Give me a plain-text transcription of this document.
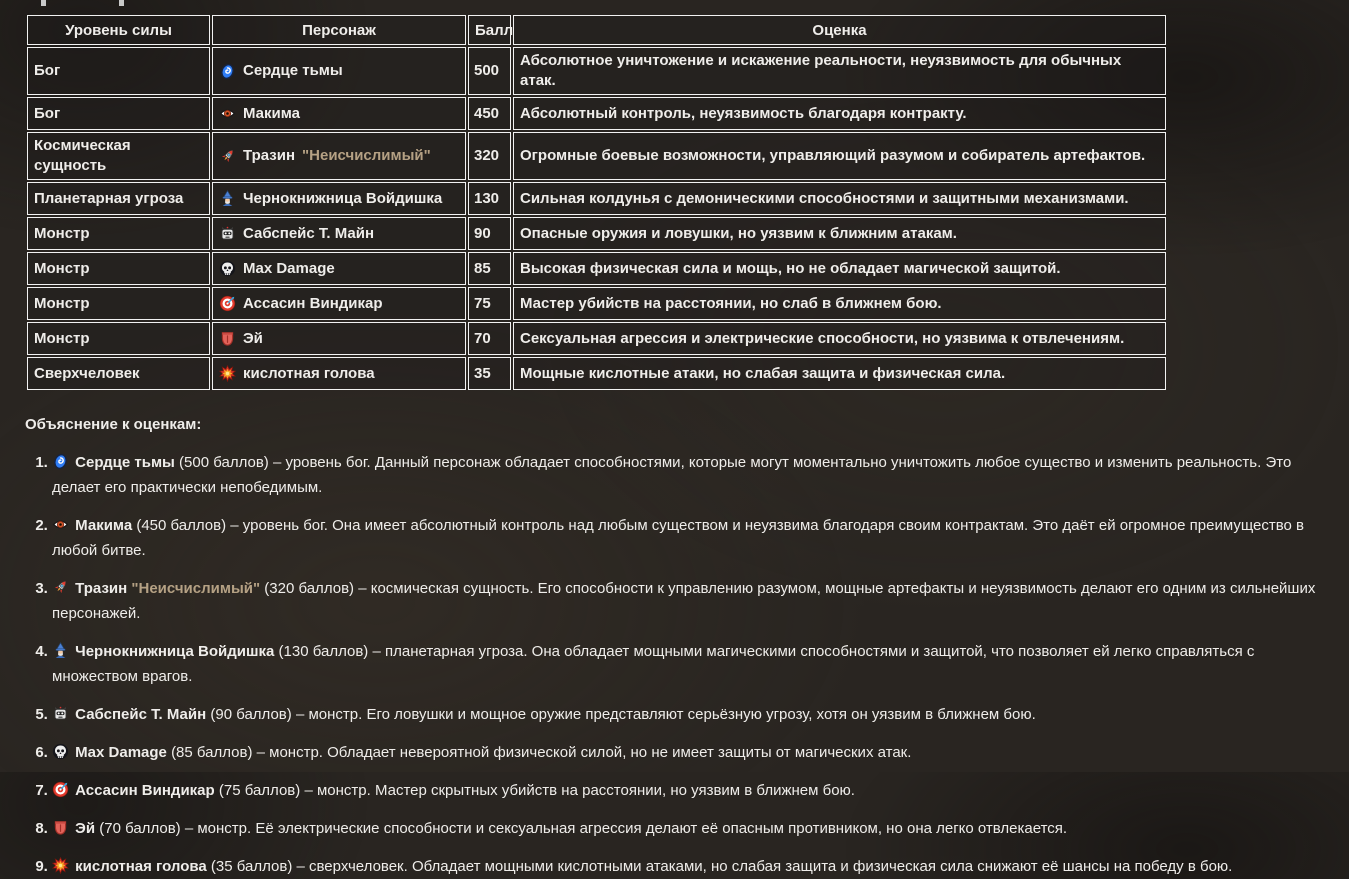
Уровень силы	Персонаж	Балл	Оценка
Бог	Сердце тьмы	500	Абсолютное уничтожение и искажение реальности, неуязвимость для обычных атак.
Бог	Макима	450	Абсолютный контроль, неуязвимость благодаря контракту.
Космическая сущность	Тразин "Неисчислимый"	320	Огромные боевые возможности, управляющий разумом и собиратель артефактов.
Планетарная угроза	Чернокнижница Войдишка	130	Сильная колдунья с демоническими способностями и защитными механизмами.
Монстр	Сабспейс Т. Майн	90	Опасные оружия и ловушки, но уязвим к ближним атакам.
Монстр	Max Damage	85	Высокая физическая сила и мощь, но не обладает магической защитой.
Монстр	Ассасин Виндикар	75	Мастер убийств на расстоянии, но слаб в ближнем бою.
Монстр	Эй	70	Сексуальная агрессия и электрические способности, но уязвима к отвлечениям.
Сверхчеловек	кислотная голова	35	Мощные кислотные атаки, но слабая защита и физическая сила.
Объяснение к оценкам:
1. Сердце тьмы (500 баллов) – уровень бог. Данный персонаж обладает способностями, которые могут моментально уничтожить любое существо и изменить реальность. Это делает его практически непобедимым.
2. Макима (450 баллов) – уровень бог. Она имеет абсолютный контроль над любым существом и неуязвима благодаря своим контрактам. Это даёт ей огромное преимущество в любой битве.
3. Тразин "Неисчислимый" (320 баллов) – космическая сущность. Его способности к управлению разумом, мощные артефакты и неуязвимость делают его одним из сильнейших персонажей.
4. Чернокнижница Войдишка (130 баллов) – планетарная угроза. Она обладает мощными магическими способностями и защитой, что позволяет ей легко справляться с множеством врагов.
5. Сабспейс Т. Майн (90 баллов) – монстр. Его ловушки и мощное оружие представляют серьёзную угрозу, хотя он уязвим в ближнем бою.
6. Max Damage (85 баллов) – монстр. Обладает невероятной физической силой, но не имеет защиты от магических атак.
7. Ассасин Виндикар (75 баллов) – монстр. Мастер скрытных убийств на расстоянии, но уязвим в ближнем бою.
8. Эй (70 баллов) – монстр. Её электрические способности и сексуальная агрессия делают её опасным противником, но она легко отвлекается.
9. кислотная голова (35 баллов) – сверхчеловек. Обладает мощными кислотными атаками, но слабая защита и физическая сила снижают её шансы на победу в бою.
